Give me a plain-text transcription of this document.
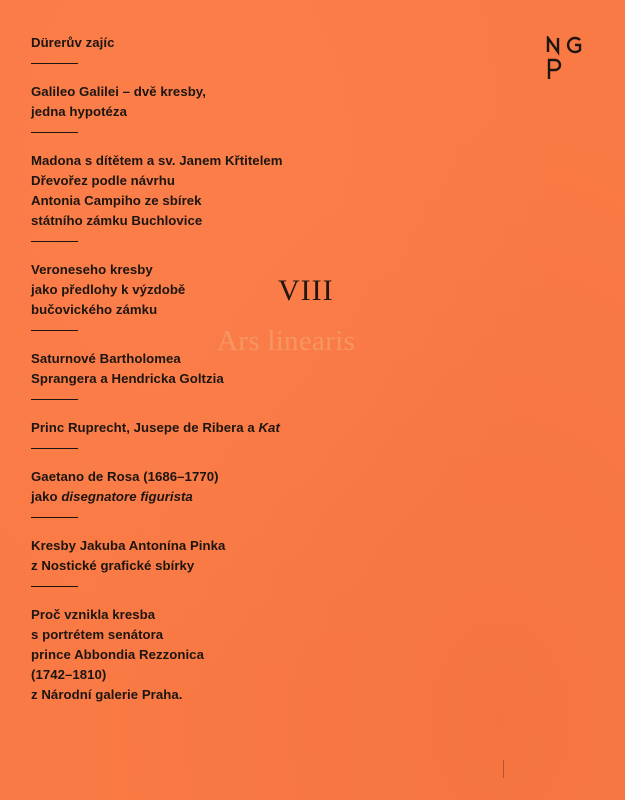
Dürerův zajíc
Galileo Galilei – dvě kresby,
jedna hypotéza
Madona s dítětem a sv. Janem Křtitelem
Dřevořez podle návrhu
Antonia Campiho ze sbírek
státního zámku Buchlovice
Veroneseho kresby
jako předlohy k výzdobě
bučovického zámku
Saturnové Bartholomea
Sprangera a Hendricka Goltzia
Princ Ruprecht, Jusepe de Ribera a Kat
Gaetano de Rosa (1686–1770)
jako disegnatore figurista
Kresby Jakuba Antonína Pinka
z Nostické grafické sbírky
Proč vznikla kresba
s portrétem senátora
prince Abbondia Rezzonica
(1742–1810)
z Národní galerie Praha.
VIII
Ars linearis
